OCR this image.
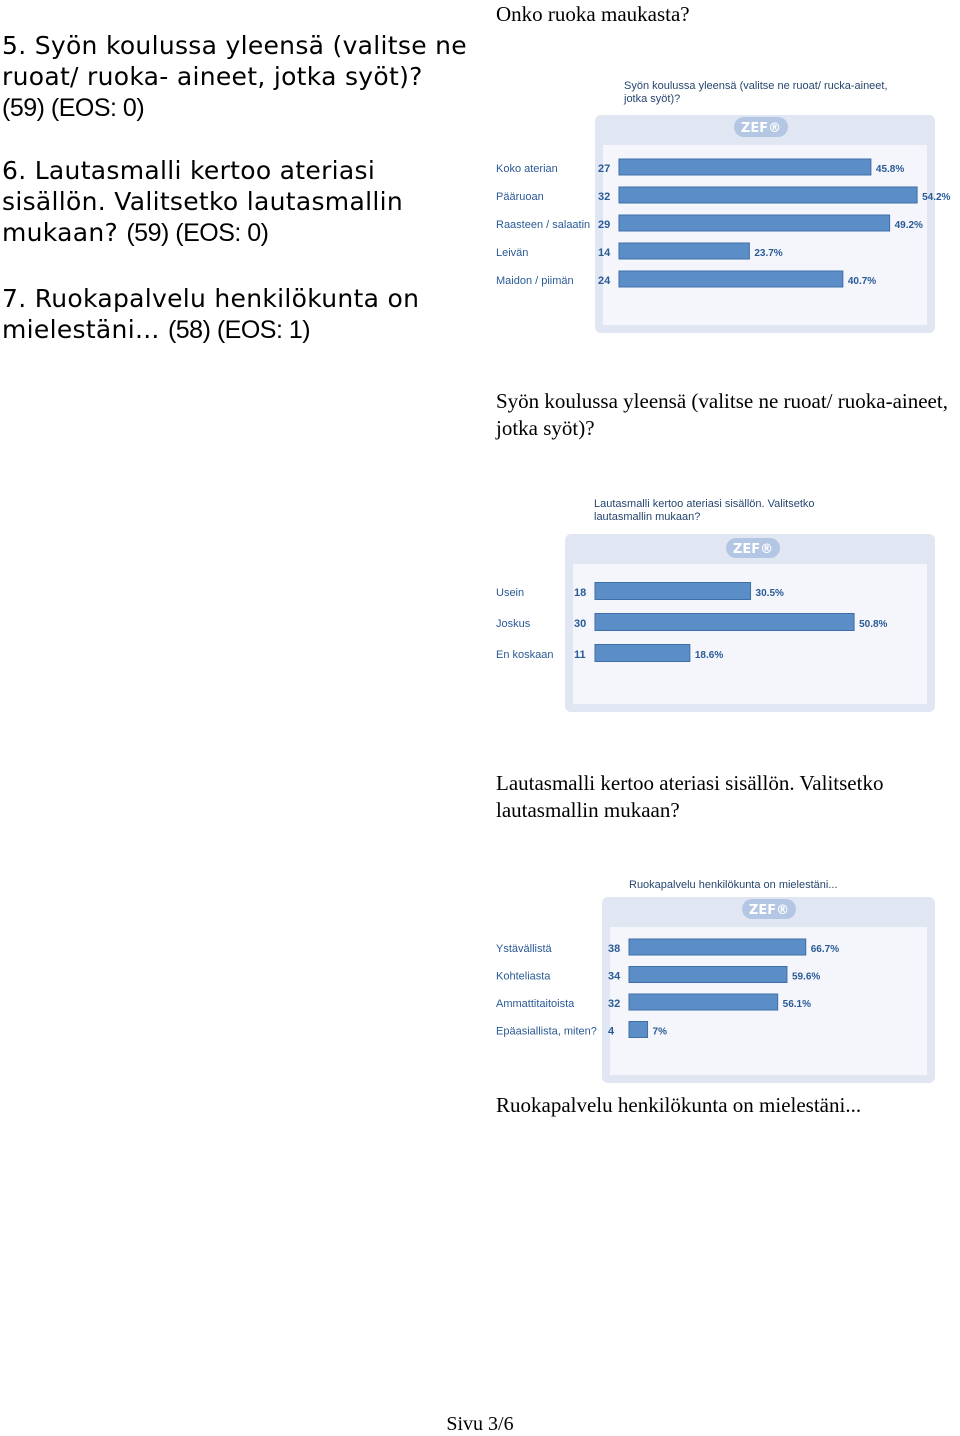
5. Syön koulussa yleensä (valitse ne ruoat/ ruoka- aineet, jotka syöt)? (59) (EOS: 0)
6. Lautasmalli kertoo ateriasi sisällön. Valitsetko lautasmallin mukaan? (59) (EOS: 0)
7. Ruokapalvelu henkilökunta on mielestäni... (58) (EOS: 1)
Onko ruoka maukasta?
Syön koulussa yleensä (valitse ne ruoat/ ruoka-aineet, jotka syöt)?
Lautasmalli kertoo ateriasi sisällön. Valitsetko lautasmallin mukaan?
Ruokapalvelu henkilökunta on mielestäni...
Syön koulussa yleensä (valitse ne ruoat/ rucka-aineet, jotka syöt)?
ZEF®
Koko aterian	27	45.8%
Pääruoan	32	54.2%
Raasteen / salaatin 29	49.2%
Leivän	14	23.7%
Maidon / piimän 24	40.7%
Lautasmalli kertoo ateriasi sisällön. Valitsetko lautasmallin mukaan?
ZEF®
Usein	18	30.5%
Joskus	30	50.8%
En koskaan 11	18.6%
Ruokapalvelu henkilökunta on mielestäni...
ZEF®
Ystävällistä	38	66.7%
Kohteliasta	34	59.6%
Ammattitaitoista	32	56.1%
Epäasiallista, miten? 4	7%
Sivu 3/6
